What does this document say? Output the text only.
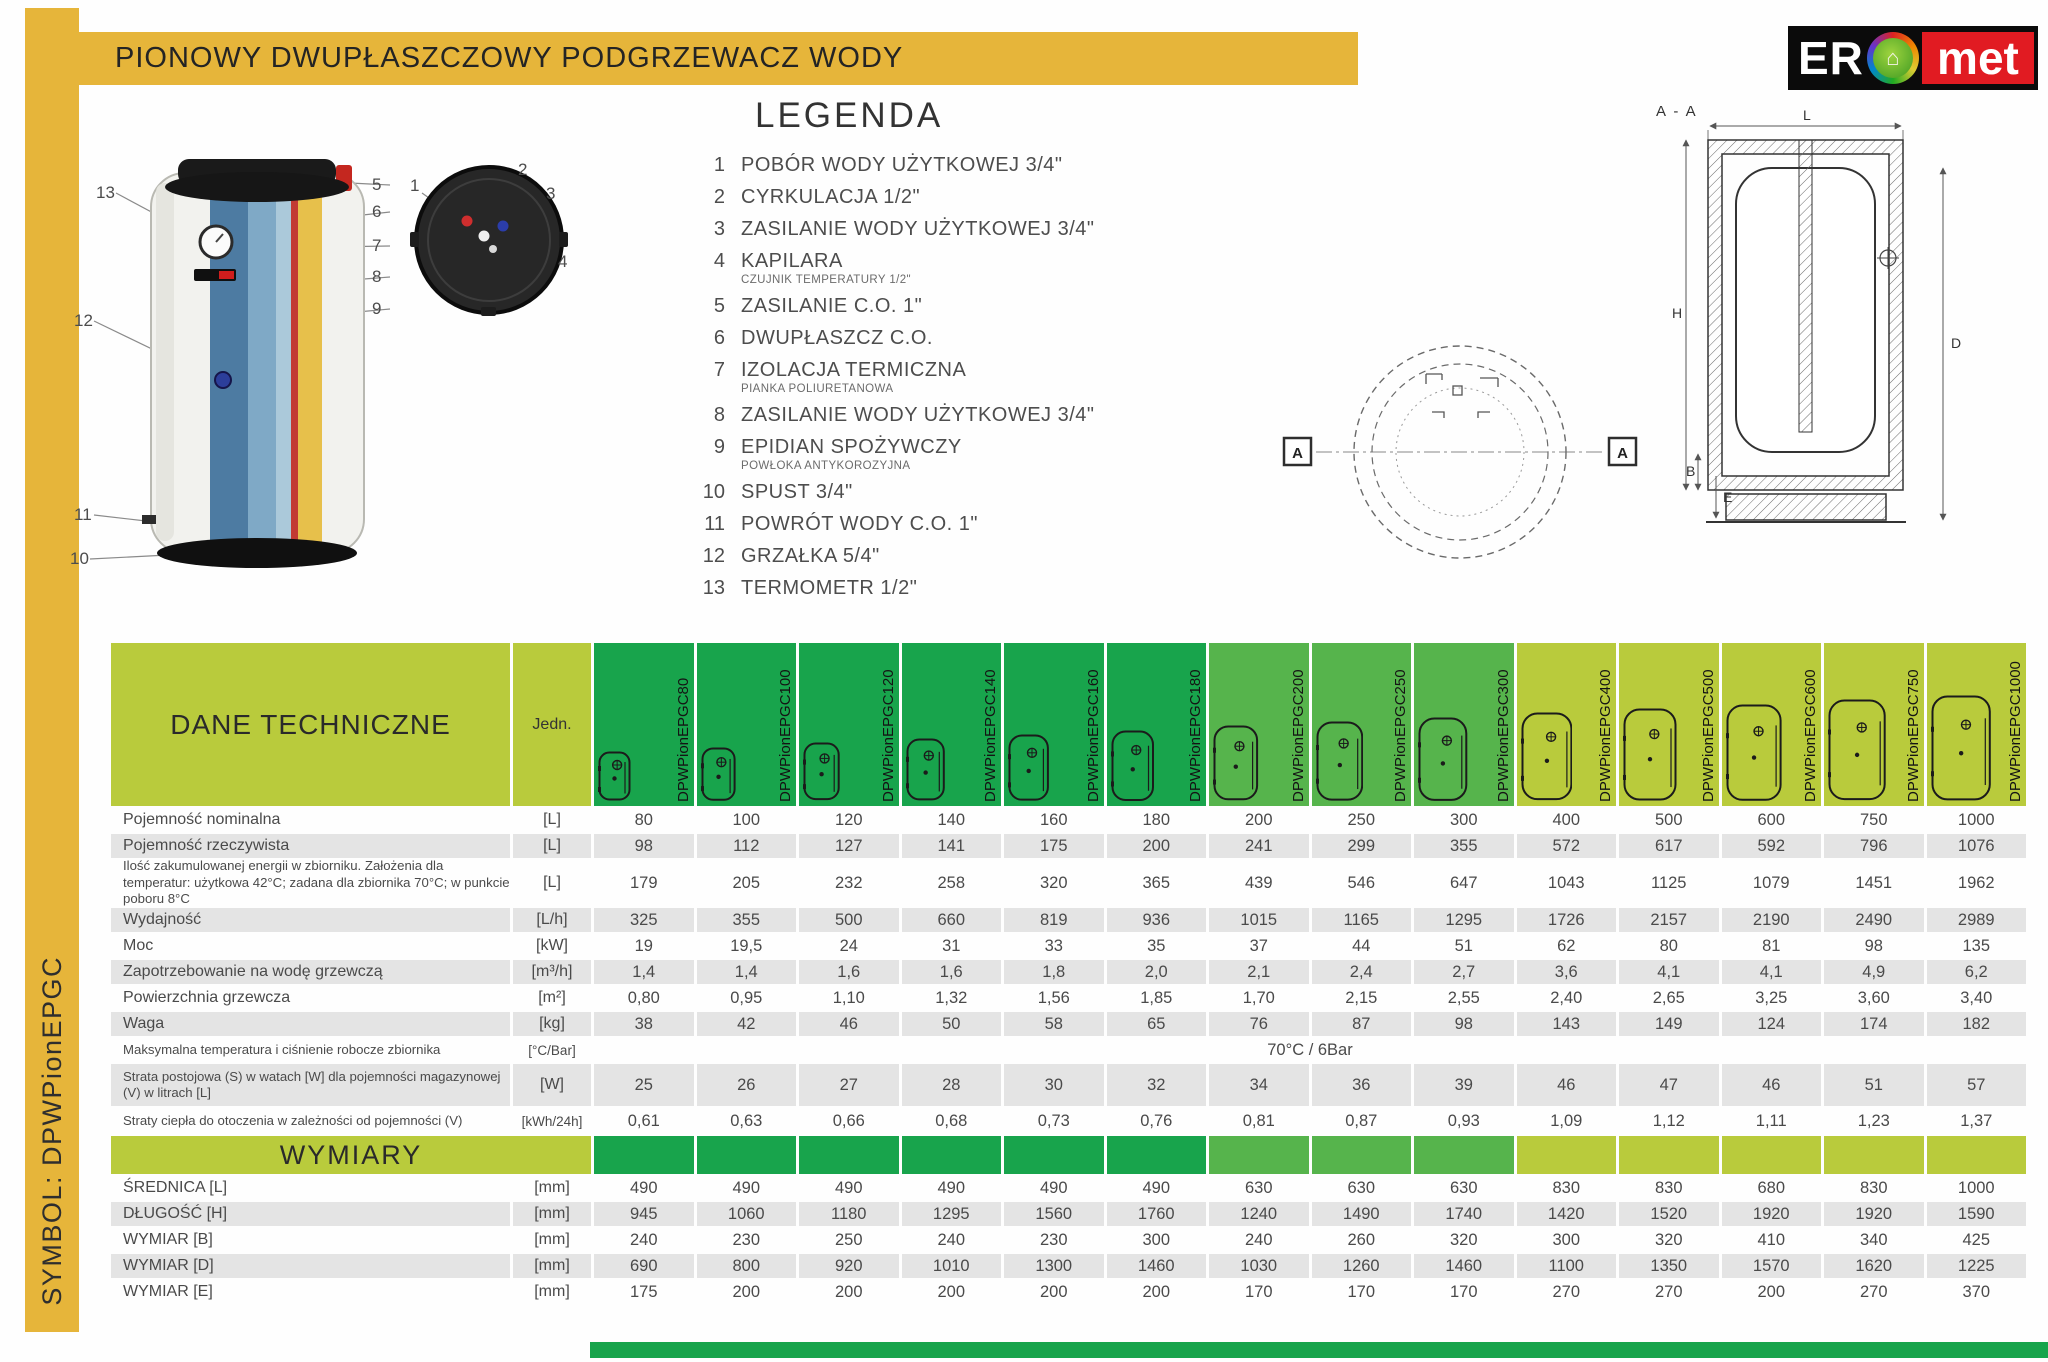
SYMBOL: DPWPionEPGC
PIONOWY DWUPŁASZCZOWY PODGRZEWACZ WODY	ER	⌂ met
13
12
11
10
5
6
7
8
9
1
2
3
4
LEGENDA
1 POBÓR WODY UŻYTKOWEJ 3/4"
2 CYRKULACJA 1/2"
3 ZASILANIE WODY UŻYTKOWEJ 3/4"
4 KAPILARA
CZUJNIK TEMPERATURY 1/2"
5 ZASILANIE C.O. 1"
6 DWUPŁASZCZ C.O.
7 IZOLACJA TERMICZNA
PIANKA POLIURETANOWA
8 ZASILANIE WODY UŻYTKOWEJ 3/4"
9 EPIDIAN SPOŻYWCZY
POWŁOKA ANTYKOROZYJNA
10 SPUST 3/4"
11 POWRÓT WODY C.O. 1"
12 GRZAŁKA 5/4"
13 TERMOMETR 1/2"
A	A
A - A	L
H
D
B
E
DANE TECHNICZNE	Jedn.	DPWPionEPGC80	DPWPionEPGC100	DPWPionEPGC120	DPWPionEPGC140	DPWPionEPGC160	DPWPionEPGC180	DPWPionEPGC200	DPWPionEPGC250	DPWPionEPGC300	DPWPionEPGC400	DPWPionEPGC500	DPWPionEPGC600	DPWPionEPGC750	DPWPionEPGC1000
Pojemność nominalna	[L]	80	100	120	140	160	180	200	250	300	400	500	600	750	1000
Pojemność rzeczywista	[L]	98	112	127	141	175	200	241	299	355	572	617	592	796	1076
Ilość zakumulowanej energii w zbiorniku. Założenia dla temperatur: użytkowa 42°C; zadana dla zbiornika 70°C; w punkcie poboru 8°C
[L]	179	205	232	258	320	365	439	546	647	1043	1125	1079	1451	1962
Wydajność	[L/h]	325	355	500	660	819	936	1015	1165	1295	1726	2157	2190	2490	2989
Moc	[kW]	19	19,5	24	31	33	35	37	44	51	62	80	81	98	135
Zapotrzebowanie na wodę grzewczą	[m³/h]	1,4	1,4	1,6	1,6	1,8	2,0	2,1	2,4	2,7	3,6	4,1	4,1	4,9	6,2
Powierzchnia grzewcza	[m²]	0,80	0,95	1,10	1,32	1,56	1,85	1,70	2,15	2,55	2,40	2,65	3,25	3,60	3,40
Waga	[kg]	38	42	46	50	58	65	76	87	98	143	149	124	174	182
Maksymalna temperatura i ciśnienie robocze zbiornika	[°C/Bar]	70°C / 6Bar
Strata postojowa (S) w watach [W] dla pojemności magazynowej (V) w litrach [L]	[W]	25	26	27	28	30	32	34	36	39	46	47	46	51	57
Straty ciepła do otoczenia w zależności od pojemności (V)	[kWh/24h]	0,61	0,63	0,66	0,68	0,73	0,76	0,81	0,87	0,93	1,09	1,12	1,11	1,23	1,37
WYMIARY
ŚREDNICA [L]	[mm]	490	490	490	490	490	490	630	630	630	830	830	680	830	1000
DŁUGOŚĆ [H]	[mm]	945	1060	1180	1295	1560	1760	1240	1490	1740	1420	1520	1920	1920	1590
WYMIAR [B]	[mm]	240	230	250	240	230	300	240	260	320	300	320	410	340	425
WYMIAR [D]	[mm]	690	800	920	1010	1300	1460	1030	1260	1460	1100	1350	1570	1620	1225
WYMIAR [E]	[mm]	175	200	200	200	200	200	170	170	170	270	270	200	270	370
